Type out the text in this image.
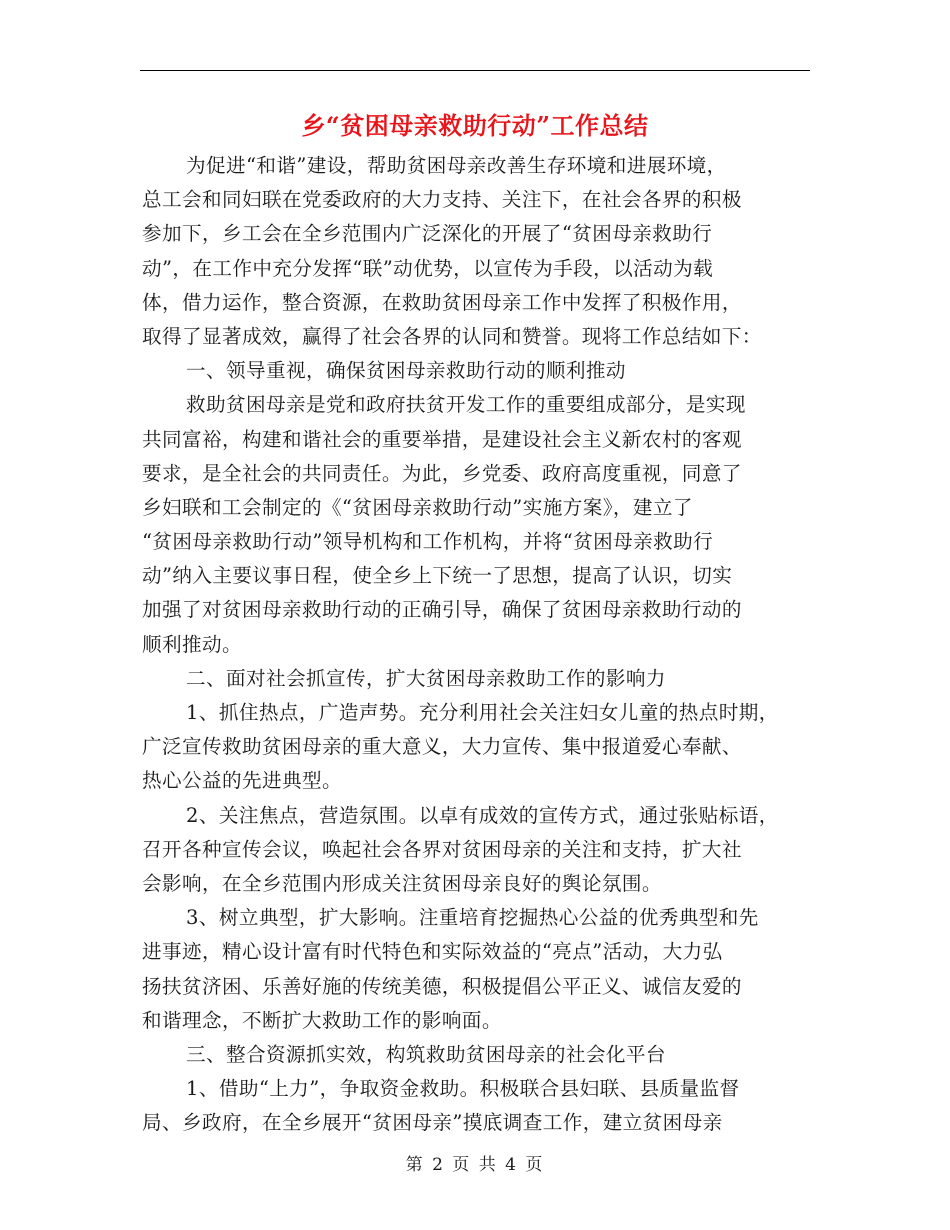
乡“贫困母亲救助行动”工作总结
为促进“和谐”建设，帮助贫困母亲改善生存环境和进展环境，
总工会和同妇联在党委政府的大力支持、关注下，在社会各界的积极
参加下，乡工会在全乡范围内广泛深化的开展了“贫困母亲救助行
动”，在工作中充分发挥“联”动优势，以宣传为手段，以活动为载
体，借力运作，整合资源，在救助贫困母亲工作中发挥了积极作用，
取得了显著成效，赢得了社会各界的认同和赞誉。现将工作总结如下：
一、领导重视，确保贫困母亲救助行动的顺利推动
救助贫困母亲是党和政府扶贫开发工作的重要组成部分，是实现
共同富裕，构建和谐社会的重要举措，是建设社会主义新农村的客观
要求，是全社会的共同责任。为此，乡党委、政府高度重视，同意了
乡妇联和工会制定的《“贫困母亲救助行动”实施方案》，建立了
“贫困母亲救助行动”领导机构和工作机构，并将“贫困母亲救助行
动”纳入主要议事日程，使全乡上下统一了思想，提高了认识，切实
加强了对贫困母亲救助行动的正确引导，确保了贫困母亲救助行动的
顺利推动。
二、面对社会抓宣传，扩大贫困母亲救助工作的影响力
1、抓住热点，广造声势。充分利用社会关注妇女儿童的热点时期，
广泛宣传救助贫困母亲的重大意义，大力宣传、集中报道爱心奉献、
热心公益的先进典型。
2、关注焦点，营造氛围。以卓有成效的宣传方式，通过张贴标语，
召开各种宣传会议，唤起社会各界对贫困母亲的关注和支持，扩大社
会影响，在全乡范围内形成关注贫困母亲良好的舆论氛围。
3、树立典型，扩大影响。注重培育挖掘热心公益的优秀典型和先
进事迹，精心设计富有时代特色和实际效益的“亮点”活动，大力弘
扬扶贫济困、乐善好施的传统美德，积极提倡公平正义、诚信友爱的
和谐理念，不断扩大救助工作的影响面。
三、整合资源抓实效，构筑救助贫困母亲的社会化平台
1、借助“上力”，争取资金救助。积极联合县妇联、县质量监督
局、乡政府，在全乡展开“贫困母亲”摸底调查工作，建立贫困母亲
第 2 页 共 4 页
